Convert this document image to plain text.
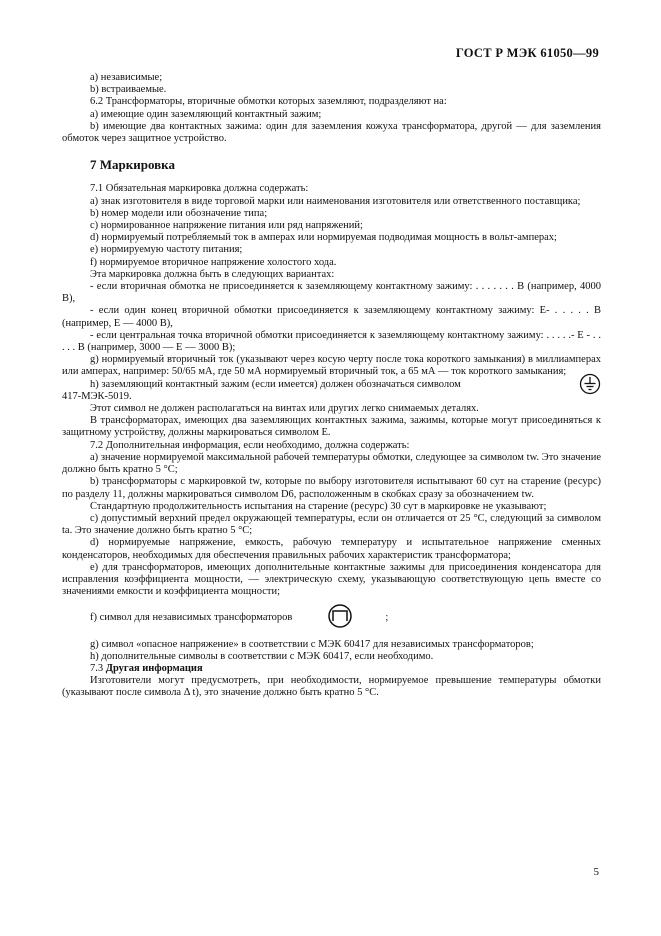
ГОСТ Р МЭК 61050—99

a) независимые;

b) встраиваемые.

6.2 Трансформаторы, вторичные обмотки которых заземляют, подразделяют на:

а) имеющие один заземляющий контактный зажим;

b) имеющие два контактных зажима: один для заземления кожуха трансформатора, другой — для заземления обмоток через защитное устройство.

7 Маркировка

7.1 Обязательная маркировка должна содержать:

а) знак изготовителя в виде торговой марки или наименования изготовителя или ответственного поставщика;

b) номер модели или обозначение типа;

с) нормированное напряжение питания или ряд напряжений;

d) нормируемый потребляемый ток в амперах или нормируемая подводимая мощность в вольт-амперах;

е) нормируемую частоту питания;

f) нормируемое вторичное напряжение холостого хода.

Эта маркировка должна быть в следующих вариантах:

- если вторичная обмотка не присоединяется к заземляющему контактному зажиму: . . . . . . . В (например, 4000 В),

- если один конец вторичной обмотки присоединяется к заземляющему контактному зажиму: Е- . . . . . В (например, Е — 4000 В),

- если центральная точка вторичной обмотки присоединяется к заземляющему контактному зажиму: . . . . .- Е - . . . . . В (например, 3000 — Е — 3000 В);

g) нормируемый вторичный ток (указывают через косую черту после тока короткого замыкания) в миллиамперах или амперах, например: 50/65 мА, где 50 мА нормируемый вторичный ток, а 65 мА — ток короткого замыкания;

h) заземляющий контактный зажим (если имеется) должен обозначаться символом

417-МЭК-5019.

Этот символ не должен располагаться на винтах или других легко снимаемых деталях.

В трансформаторах, имеющих два заземляющих контактных зажима, зажимы, которые могут присоединяться к защитному устройству, должны маркироваться символом Е.

7.2 Дополнительная информация, если необходимо, должна содержать:

а) значение нормируемой максимальной рабочей температуры обмотки, следующее за символом tw. Это значение должно быть кратно 5 °С;

b) трансформаторы с маркировкой tw, которые по выбору изготовителя испытывают 60 сут на старение (ресурс) по разделу 11, должны маркироваться символом D6, расположенным в скобках сразу за обозначением tw.

Стандартную продолжительность испытания на старение (ресурс) 30 сут в маркировке не указывают;

с) допустимый верхний предел окружающей температуры, если он отличается от 25 °С, следующий за символом ta. Это значение должно быть кратно 5 °С;

d) нормируемые напряжение, емкость, рабочую температуру и испытательное напряжение сменных конденсаторов, необходимых для обеспечения правильных рабочих характеристик трансформатора;

е) для трансформаторов, имеющих дополнительные контактные зажимы для присоединения конденсатора для исправления коэффициента мощности, — электрическую схему, указывающую соответствующую цепь вместе со значениями емкости и коэффициента мощности;

f) символ для независимых трансформаторов	;

g) символ «опасное напряжение» в соответствии с МЭК 60417 для независимых трансформаторов;

h) дополнительные символы в соответствии с МЭК 60417, если необходимо.

7.3 Другая информация

Изготовители могут предусмотреть, при необходимости, нормируемое превышение температуры обмотки (указывают после символа Δ t), это значение должно быть кратно 5 °С.

5
